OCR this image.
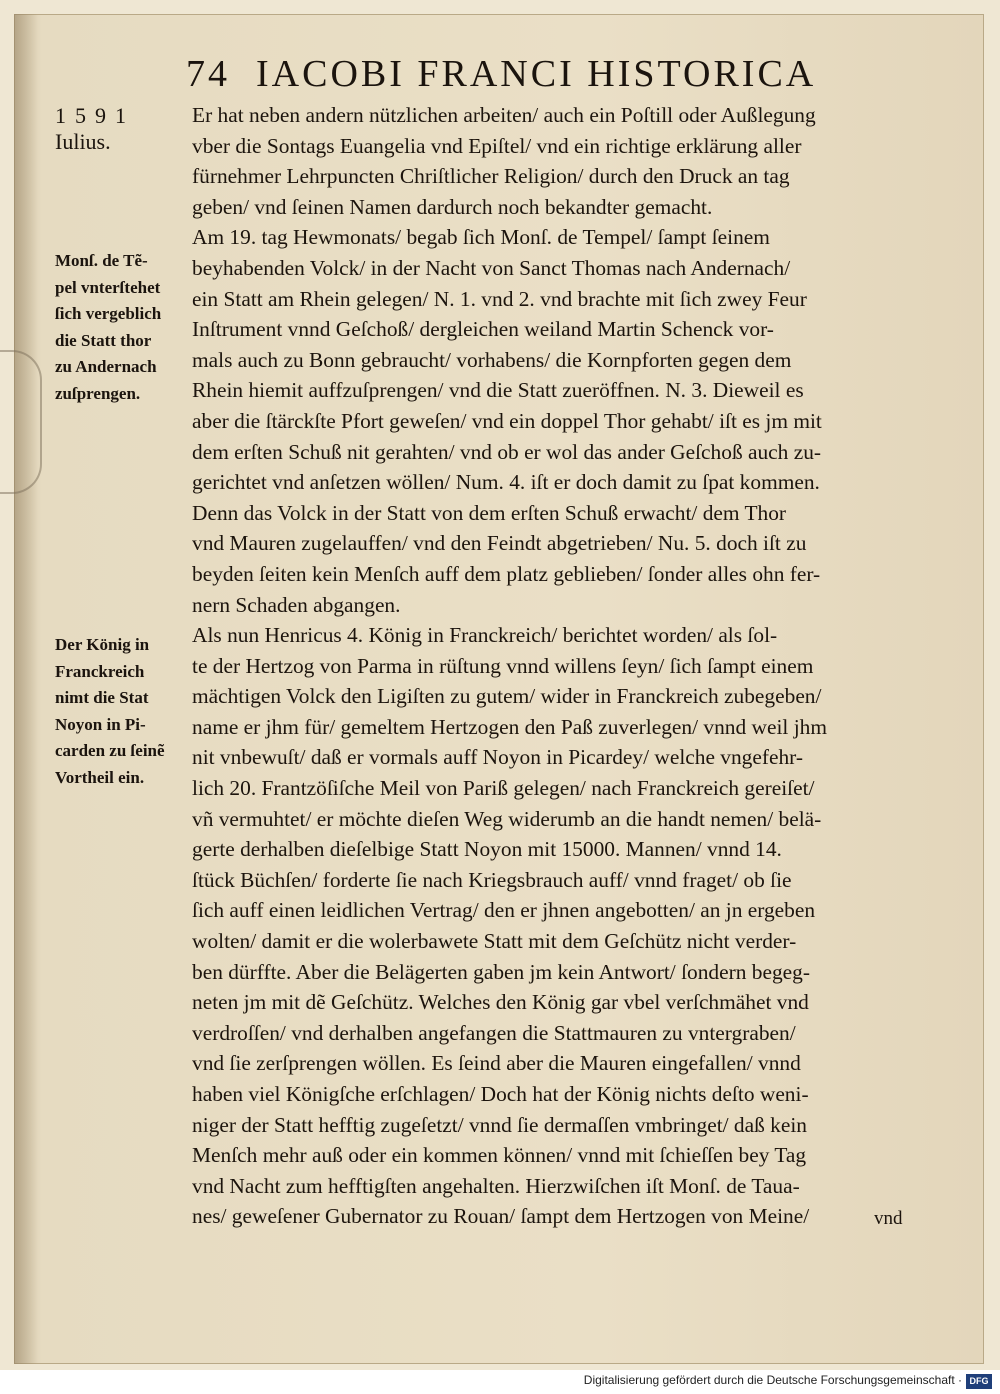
74 IACOBI FRANCI HISTORICA
1591
Iulius.
Monſ. de Tẽ-
pel vnterſtehet
ſich vergeblich
die Statt thor
zu Andernach
zuſprengen.
Der König in
Franckreich
nimt die Stat
Noyon in Pi-
carden zu ſeinẽ
Vortheil ein.
Er hat neben andern nützlichen arbeiten/ auch ein Poſtill oder Außlegung
vber die Sontags Euangelia vnd Epiſtel/ vnd ein richtige erklärung aller
fürnehmer Lehrpuncten Chriſtlicher Religion/ durch den Druck an tag
geben/ vnd ſeinen Namen dardurch noch bekandter gemacht.
Am 19. tag Hewmonats/ begab ſich Monſ. de Tempel/ ſampt ſeinem
beyhabenden Volck/ in der Nacht von Sanct Thomas nach Andernach/
ein Statt am Rhein gelegen/ N. 1. vnd 2. vnd brachte mit ſich zwey Feur
Inſtrument vnnd Geſchoß/ dergleichen weiland Martin Schenck vor-
mals auch zu Bonn gebraucht/ vorhabens/ die Kornpforten gegen dem
Rhein hiemit auffzuſprengen/ vnd die Statt zueröffnen. N. 3. Dieweil es
aber die ſtärckſte Pfort geweſen/ vnd ein doppel Thor gehabt/ iſt es jm mit
dem erſten Schuß nit gerahten/ vnd ob er wol das ander Geſchoß auch zu-
gerichtet vnd anſetzen wöllen/ Num. 4. iſt er doch damit zu ſpat kommen.
Denn das Volck in der Statt von dem erſten Schuß erwacht/ dem Thor
vnd Mauren zugelauffen/ vnd den Feindt abgetrieben/ Nu. 5. doch iſt zu
beyden ſeiten kein Menſch auff dem platz geblieben/ ſonder alles ohn fer-
nern Schaden abgangen.
Als nun Henricus 4. König in Franckreich/ berichtet worden/ als ſol-
te der Hertzog von Parma in rüſtung vnnd willens ſeyn/ ſich ſampt einem
mächtigen Volck den Ligiſten zu gutem/ wider in Franckreich zubegeben/
name er jhm für/ gemeltem Hertzogen den Paß zuverlegen/ vnnd weil jhm
nit vnbewuſt/ daß er vormals auff Noyon in Picardey/ welche vngefehr-
lich 20. Frantzöſiſche Meil von Pariß gelegen/ nach Franckreich gereiſet/
vñ vermuhtet/ er möchte dieſen Weg widerumb an die handt nemen/ belä-
gerte derhalben dieſelbige Statt Noyon mit 15000. Mannen/ vnnd 14.
ſtück Büchſen/ forderte ſie nach Kriegsbrauch auff/ vnnd fraget/ ob ſie
ſich auff einen leidlichen Vertrag/ den er jhnen angebotten/ an jn ergeben
wolten/ damit er die wolerbawete Statt mit dem Geſchütz nicht verder-
ben dürffte. Aber die Belägerten gaben jm kein Antwort/ ſondern begeg-
neten jm mit dẽ Geſchütz. Welches den König gar vbel verſchmähet vnd
verdroſſen/ vnd derhalben angefangen die Stattmauren zu vntergraben/
vnd ſie zerſprengen wöllen. Es ſeind aber die Mauren eingefallen/ vnnd
haben viel Königſche erſchlagen/ Doch hat der König nichts deſto weni-
niger der Statt hefftig zugeſetzt/ vnnd ſie dermaſſen vmbringet/ daß kein
Menſch mehr auß oder ein kommen können/ vnnd mit ſchieſſen bey Tag
vnd Nacht zum hefftigſten angehalten. Hierzwiſchen iſt Monſ. de Taua-
nes/ geweſener Gubernator zu Rouan/ ſampt dem Hertzogen von Meine/	vnd
Digitalisierung gefördert durch die Deutsche Forschungsgemeinschaft · DFG
